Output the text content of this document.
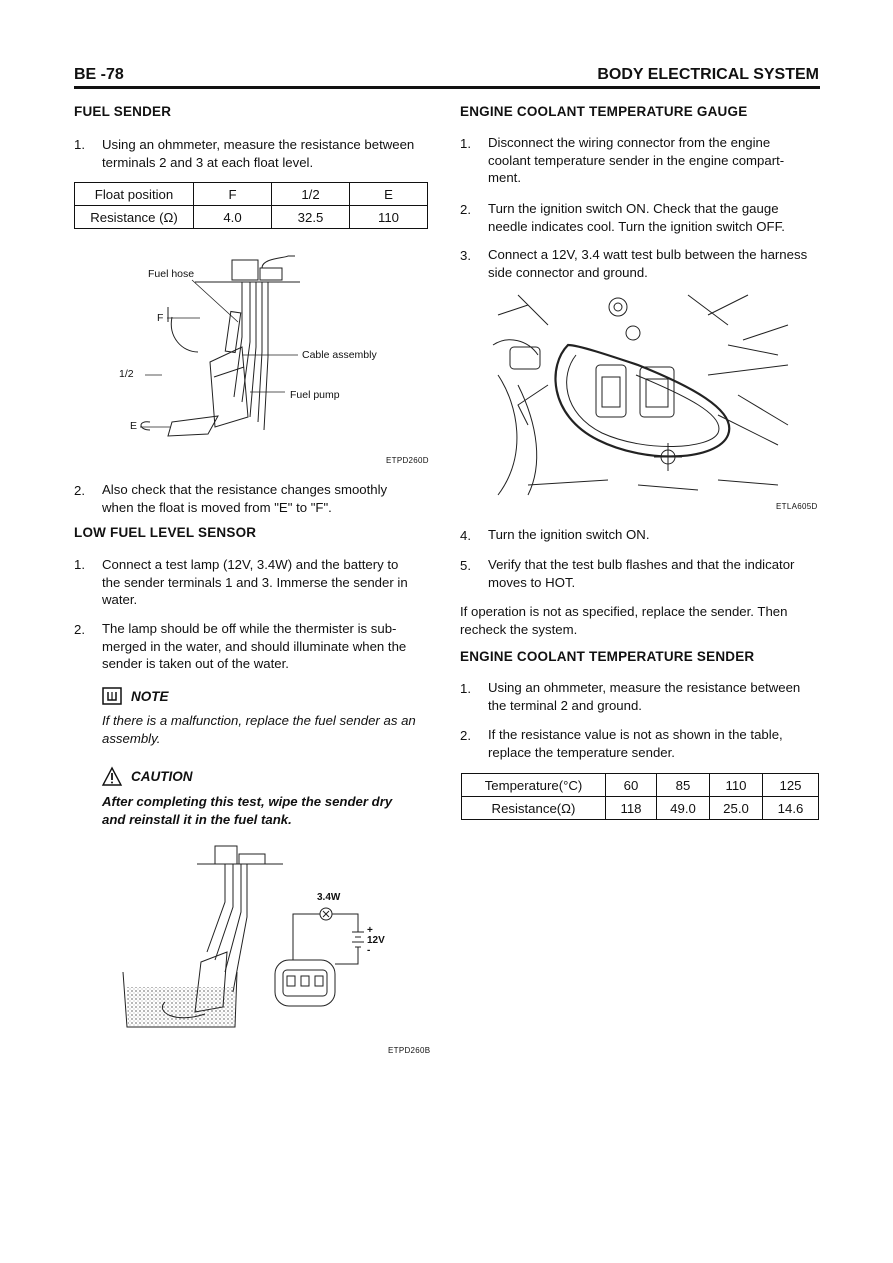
BE -78	BODY ELECTRICAL SYSTEM
FUEL SENDER
1. Using an ohmmeter, measure the resistance between
terminals 2 and 3 at each float level.
Float position	F	1/2	E
Resistance (Ω)	4.0	32.5	110
Fuel hose
F
1/2
E
Cable assembly
Fuel pump
ETPD260D
2. Also check that the resistance changes smoothly
when the float is moved from "E" to "F".
LOW FUEL LEVEL SENSOR
1. Connect a test lamp (12V, 3.4W) and the battery to
the sender terminals 1 and 3. Immerse the sender in
water.
2. The lamp should be off while the thermister is sub-
merged in the water, and should illuminate when the
sender is taken out of the water.
NOTE
If there is a malfunction, replace the fuel sender as an
assembly.
CAUTION
After completing this test, wipe the sender dry
and reinstall it in the fuel tank.
3.4W
+
12V
-
ETPD260B
ENGINE COOLANT TEMPERATURE GAUGE
1. Disconnect the wiring connector from the engine
coolant temperature sender in the engine compart-
ment.
2. Turn the ignition switch ON. Check that the gauge
needle indicates cool. Turn the ignition switch OFF.
3. Connect a 12V, 3.4 watt test bulb between the harness
side connector and ground.
ETLA605D
4. Turn the ignition switch ON.
5. Verify that the test bulb flashes and that the indicator
moves to HOT.
If operation is not as specified, replace the sender. Then
recheck the system.
ENGINE COOLANT TEMPERATURE SENDER
1. Using an ohmmeter, measure the resistance between
the terminal 2 and ground.
2. If the resistance value is not as shown in the table,
replace the temperature sender.
Temperature(°C)	60	85	110	125
Resistance(Ω)	118	49.0	25.0	14.6
